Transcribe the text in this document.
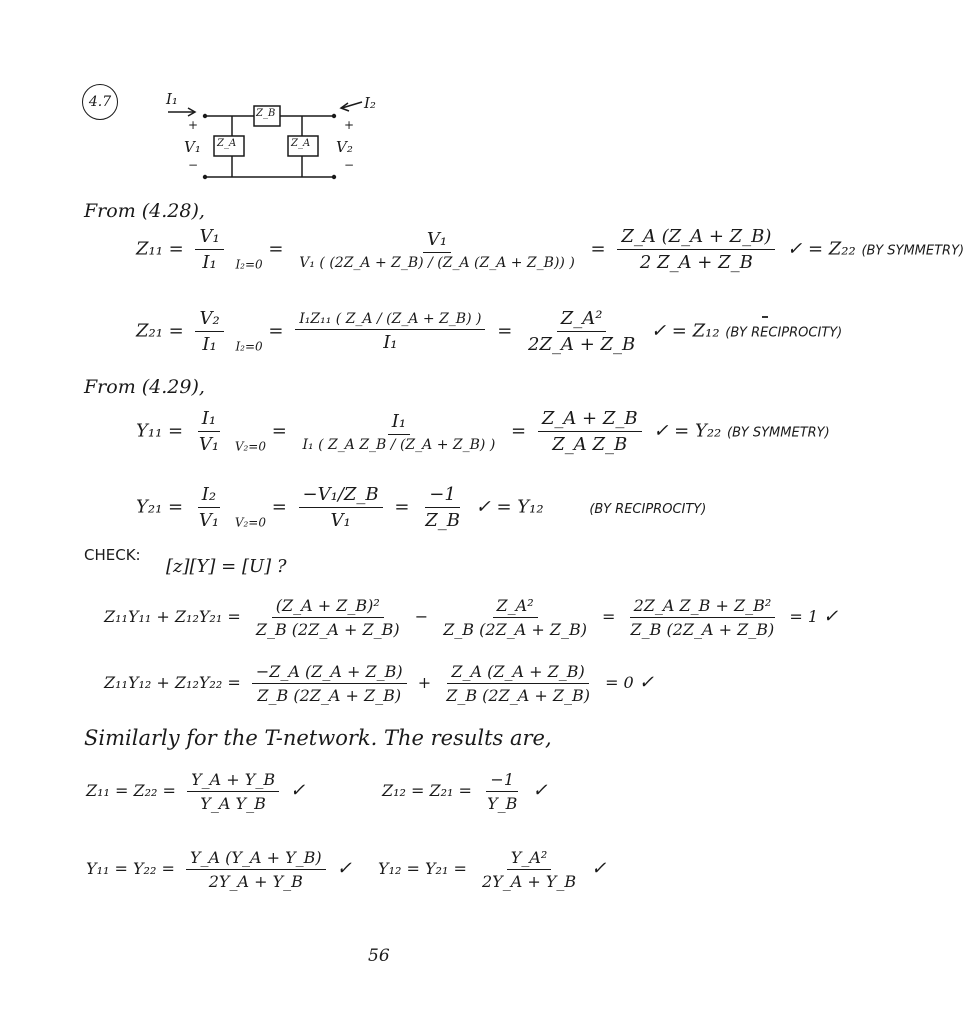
4.7	I₁	I₂
+	+
V₁	V₂
−	−
Z_B
Z_A	Z_A
From (4.28),
$Z_{11} = \frac{\text{V₁}}{\text{I₁}} _{I_2=0} = \frac{\text{V₁}}{\text{V₁ ( (2Z\_A + Z\_B) / (Z\_A (Z\_A + Z\_B)) )}} = \frac{Z\_A (Z\_A + Z\_B)}{2 Z\_A + Z\_B}$ ✓ = Z₂₂ (BY SYMMETRY)
$Z_{21} = \frac{\text{V₂}}{\text{I₁}} _{I_2=0} = \frac{\text{I₁Z₁₁ ( Z\_A / (Z\_A + Z\_B) )}}{\text{I₁}} = \frac{\text{Z\_A²}}{2Z\_A + Z\_B}$ ✓ = Z₁₂ (BY RECIPROCITY)
From (4.29),
$Y_{11} = \frac{\text{I₁}}{\text{V₁}} _{V_2=0} = \frac{\text{I₁}}{\text{I₁ ( Z\_A Z\_B / (Z\_A + Z\_B) )}} = \frac{Z\_A + Z\_B}{\text{Z\_A Z\_B}}$ ✓ = Y₂₂ (BY SYMMETRY)
$Y_{21} = \frac{\text{I₂}}{\text{V₁}} _{V_2=0} = \frac{\text{−V₁/Z\_B}}{\text{V₁}} = \frac{-1}{Z\_B}$ ✓ = Y₁₂	(BY RECIPROCITY)
CHECK:
[z][Y] = [U] ?
$Z_{11}Y_{11} + Z_{12}Y_{21} = \frac{\text{(Z\_A + Z\_B)²}}{Z\_B (2Z\_A + Z\_B)} - \frac{\text{Z\_A²}}{Z\_B (2Z\_A + Z\_B)} = \frac{\text{2Z\_A Z\_B + Z\_B²}}{Z\_B (2Z\_A + Z\_B)} = 1$ ✓
$Z_{11}Y_{12} + Z_{12}Y_{22} = \frac{-Z\_A (Z\_A + Z\_B)}{Z\_B (2Z\_A + Z\_B)} + \frac{Z\_A (Z\_A + Z\_B)}{Z\_B (2Z\_A + Z\_B)} = 0$ ✓
Similarly for the T-network. The results are,
$Z_{11} = Z_{22} = \frac{Y\_A + Y\_B}{\text{Y\_A Y\_B}}$ ✓	$Z_{12} = Z_{21} = \frac{-1}{Y\_B}$ ✓
$Y_{11} = Y_{22} = \frac{Y\_A (Y\_A + Y\_B)}{2Y\_A + Y\_B}$ ✓ $Y_{12} = Y_{21} = \frac{\text{Y\_A²}}{2Y\_A + Y\_B}$ ✓
56
